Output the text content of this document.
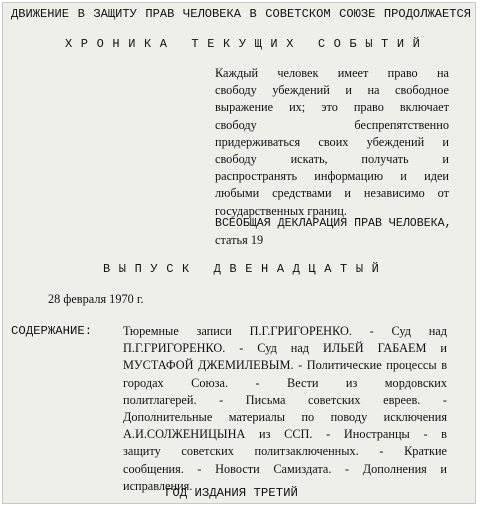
ДВИЖЕНИЕ В ЗАЩИТУ ПРАВ ЧЕЛОВЕКА В СОВЕТСКОМ СОЮЗЕ ПРОДОЛЖАЕТСЯ
ХРОНИКА ТЕКУЩИХ СОБЫТИЙ
Каждый человек имеет право на
свободу убеждений и на свободное
выражение их; это право включает
свободу беспрепятственно
придерживаться своих убеждений и
свободу искать, получать и
распространять информацию и идеи
любыми средствами и независимо от
государственных границ.
ВСЕОБЩАЯ ДЕКЛАРАЦИЯ ПРАВ ЧЕЛОВЕКА,
статья 19
ВЫПУСК ДВЕНАДЦАТЫЙ
28 февраля 1970 г.
СОДЕРЖАНИЕ:	Тюремные записи П.Г.ГРИГОРЕНКО. - Суд над
П.Г.ГРИГОРЕНКО. - Суд над ИЛЬЕЙ ГАБАЕМ и
МУСТАФОЙ ДЖЕМИЛЕВЫМ. - Политические процессы в
городах Союза. - Вести из мордовских
политлагерей. - Письма советских евреев. -
Дополнительные материалы по поводу исключения
А.И.СОЛЖЕНИЦЫНА из ССП. - Иностранцы - в
защиту советских политзаключенных. - Краткие
сообщения. - Новости Самиздата. - Дополнения и
исправления.
ГОД ИЗДАНИЯ ТРЕТИЙ
